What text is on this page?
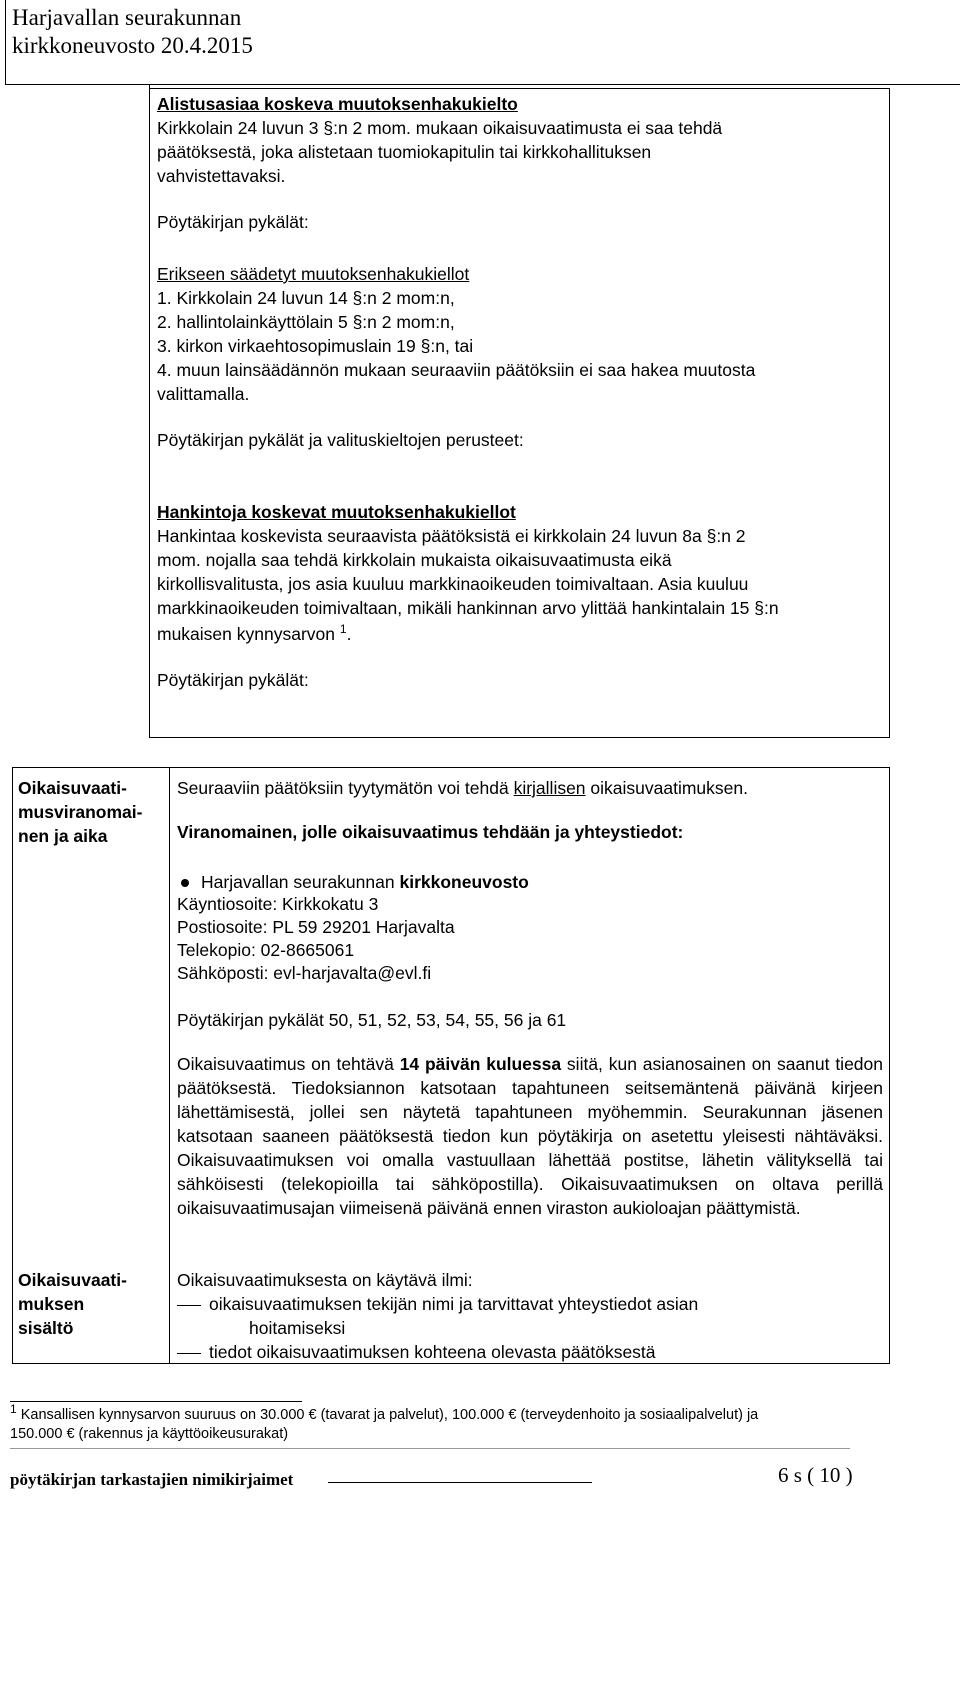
Harjavallan seurakunnan
kirkkoneuvosto 20.4.2015
Alistusasiaa koskeva muutoksenhakukielto
Kirkkolain 24 luvun 3 §:n 2 mom. mukaan oikaisuvaatimusta ei saa tehdä
päätöksestä, joka alistetaan tuomiokapitulin tai kirkkohallituksen
vahvistettavaksi.
Pöytäkirjan pykälät:
Erikseen säädetyt muutoksenhakukiellot
1. Kirkkolain 24 luvun 14 §:n 2 mom:n,
2. hallintolainkäyttölain 5 §:n 2 mom:n,
3. kirkon virkaehtosopimuslain 19 §:n, tai
4. muun lainsäädännön mukaan seuraaviin päätöksiin ei saa hakea muutosta
valittamalla.
Pöytäkirjan pykälät ja valituskieltojen perusteet:
Hankintoja koskevat muutoksenhakukiellot
Hankintaa koskevista seuraavista päätöksistä ei kirkkolain 24 luvun 8a §:n 2
mom. nojalla saa tehdä kirkkolain mukaista oikaisuvaatimusta eikä
kirkollisvalitusta, jos asia kuuluu markkinaoikeuden toimivaltaan. Asia kuuluu
markkinaoikeuden toimivaltaan, mikäli hankinnan arvo ylittää hankintalain 15 §:n
mukaisen kynnysarvon $^1$.
Pöytäkirjan pykälät:
Oikaisuvaati-
musviranomai-
nen ja aika
Seuraaviin päätöksiin tyytymätön voi tehdä kirjallisen oikaisuvaatimuksen.
Viranomainen, jolle oikaisuvaatimus tehdään ja yhteystiedot:
Harjavallan seurakunnan kirkkoneuvosto
Käyntiosoite: Kirkkokatu 3
Postiosoite: PL 59 29201 Harjavalta
Telekopio: 02-8665061
Sähköposti: evl-harjavalta@evl.fi
Pöytäkirjan pykälät 50, 51, 52, 53, 54, 55, 56 ja 61
Oikaisuvaatimus on tehtävä 14 päivän kuluessa siitä, kun asianosainen on saanut tiedon päätöksestä. Tiedoksiannon katsotaan tapahtuneen seitsemäntenä päivänä kirjeen lähettämisestä, jollei sen näytetä tapahtuneen myöhemmin. Seurakunnan jäsenen katsotaan saaneen päätöksestä tiedon kun pöytäkirja on asetettu yleisesti nähtäväksi. Oikaisuvaatimuksen voi omalla vastuullaan lähettää postitse, lähetin välityksellä tai sähköisesti (telekopioilla tai sähköpostilla). Oikaisuvaatimuksen on oltava perillä oikaisuvaatimusajan viimeisenä päivänä ennen viraston aukioloajan päättymistä.
Oikaisuvaati-
muksen
sisältö
Oikaisuvaatimuksesta on käytävä ilmi:
oikaisuvaatimuksen tekijän nimi ja tarvittavat yhteystiedot asian
hoitamiseksi
tiedot oikaisuvaatimuksen kohteena olevasta päätöksestä
$^1$ Kansallisen kynnysarvon suuruus on 30.000 € (tavarat ja palvelut), 100.000 € (terveydenhoito ja sosiaalipalvelut) ja
150.000 € (rakennus ja käyttöoikeusurakat)
pöytäkirjan tarkastajien nimikirjaimet	6 s ( 10 )
